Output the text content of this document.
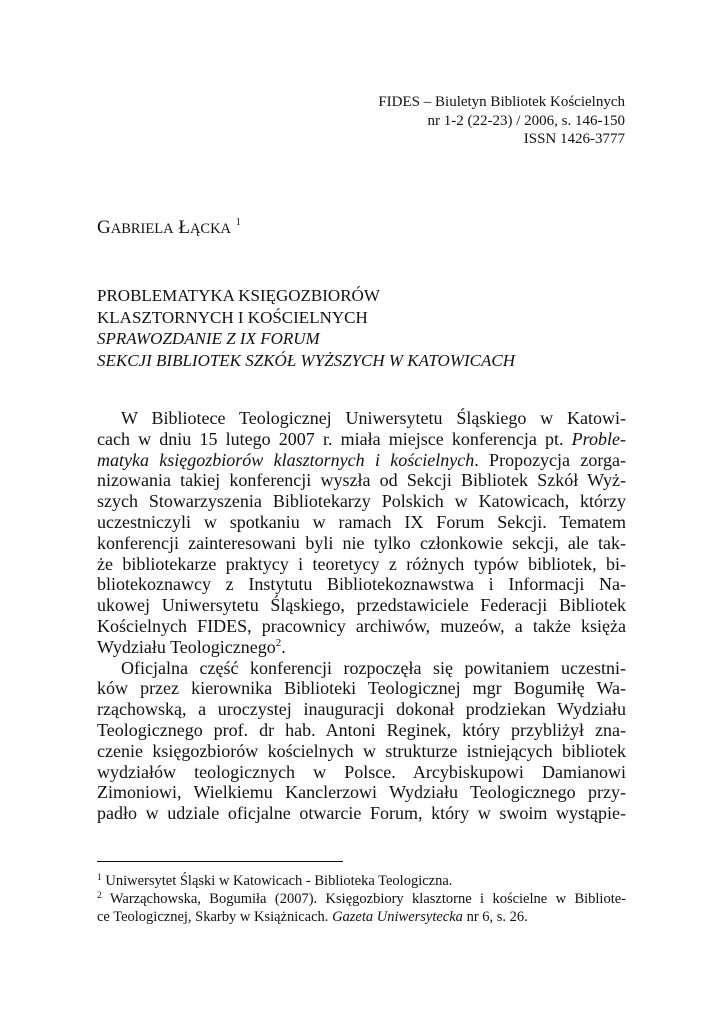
FIDES – Biuletyn Bibliotek Kościelnych
nr 1-2 (22-23) / 2006, s. 146-150
ISSN 1426-3777
GABRIELA ŁĄCKA $^1$
PROBLEMATYKA KSIĘGOZBIORÓW
KLASZTORNYCH I KOŚCIELNYCH
SPRAWOZDANIE Z IX FORUM
SEKCJI BIBLIOTEK SZKÓŁ WYŻSZYCH W KATOWICACH
W Bibliotece Teologicznej Uniwersytetu Śląskiego w Katowi-
cach w dniu 15 lutego 2007 r. miała miejsce konferencja pt. Proble-
matyka księgozbiorów klasztornych i kościelnych. Propozycja zorga-
nizowania takiej konferencji wyszła od Sekcji Bibliotek Szkół Wyż-
szych Stowarzyszenia Bibliotekarzy Polskich w Katowicach, którzy
uczestniczyli w spotkaniu w ramach IX Forum Sekcji. Tematem
konferencji zainteresowani byli nie tylko członkowie sekcji, ale tak-
że bibliotekarze praktycy i teoretycy z różnych typów bibliotek, bi-
bliotekoznawcy z Instytutu Bibliotekoznawstwa i Informacji Na-
ukowej Uniwersytetu Śląskiego, przedstawiciele Federacji Bibliotek
Kościelnych FIDES, pracownicy archiwów, muzeów, a także księża
Wydziału Teologicznego$^2$.
Oficjalna część konferencji rozpoczęła się powitaniem uczestni-
ków przez kierownika Biblioteki Teologicznej mgr Bogumiłę Wa-
rząchowską, a uroczystej inauguracji dokonał prodziekan Wydziału
Teologicznego prof. dr hab. Antoni Reginek, który przybliżył zna-
czenie księgozbiorów kościelnych w strukturze istniejących bibliotek
wydziałów teologicznych w Polsce. Arcybiskupowi Damianowi
Zimoniowi, Wielkiemu Kanclerzowi Wydziału Teologicznego przy-
padło w udziale oficjalne otwarcie Forum, który w swoim wystąpie-
$^1$ Uniwersytet Śląski w Katowicach - Biblioteka Teologiczna.
$^2$ Warząchowska, Bogumiła (2007). Księgozbiory klasztorne i kościelne w Bibliote-
ce Teologicznej, Skarby w Książnicach. Gazeta Uniwersytecka nr 6, s. 26.
